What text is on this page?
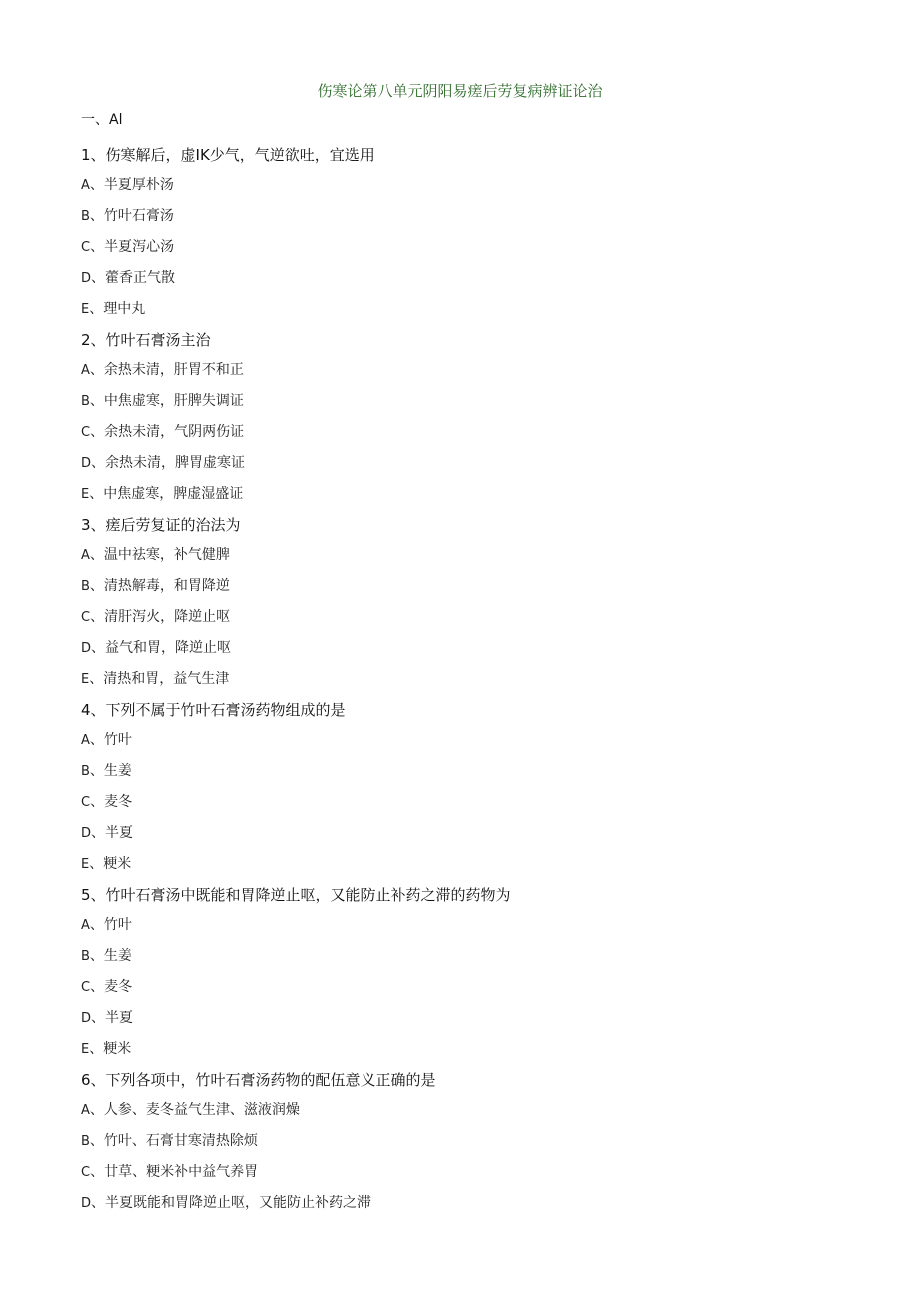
伤寒论第八单元阴阳易瘥后劳复病辨证论治
一、Al
1、伤寒解后，虚IK少气，气逆欲吐，宜选用
A、半夏厚朴汤
B、竹叶石膏汤
C、半夏泻心汤
D、藿香正气散
E、理中丸
2、竹叶石膏汤主治
A、余热未清，肝胃不和正
B、中焦虚寒，肝脾失调证
C、余热未清，气阴两伤证
D、余热未清，脾胃虚寒证
E、中焦虚寒，脾虚湿盛证
3、瘥后劳复证的治法为
A、温中祛寒，补气健脾
B、清热解毒，和胃降逆
C、清肝泻火，降逆止呕
D、益气和胃，降逆止呕
E、清热和胃，益气生津
4、下列不属于竹叶石膏汤药物组成的是
A、竹叶
B、生姜
C、麦冬
D、半夏
E、粳米
5、竹叶石膏汤中既能和胃降逆止呕，又能防止补药之滞的药物为
A、竹叶
B、生姜
C、麦冬
D、半夏
E、粳米
6、下列各项中，竹叶石膏汤药物的配伍意义正确的是
A、人参、麦冬益气生津、滋液润燥
B、竹叶、石膏甘寒清热除烦
C、廿草、粳米补中益气养胃
D、半夏既能和胃降逆止呕，又能防止补药之滞
